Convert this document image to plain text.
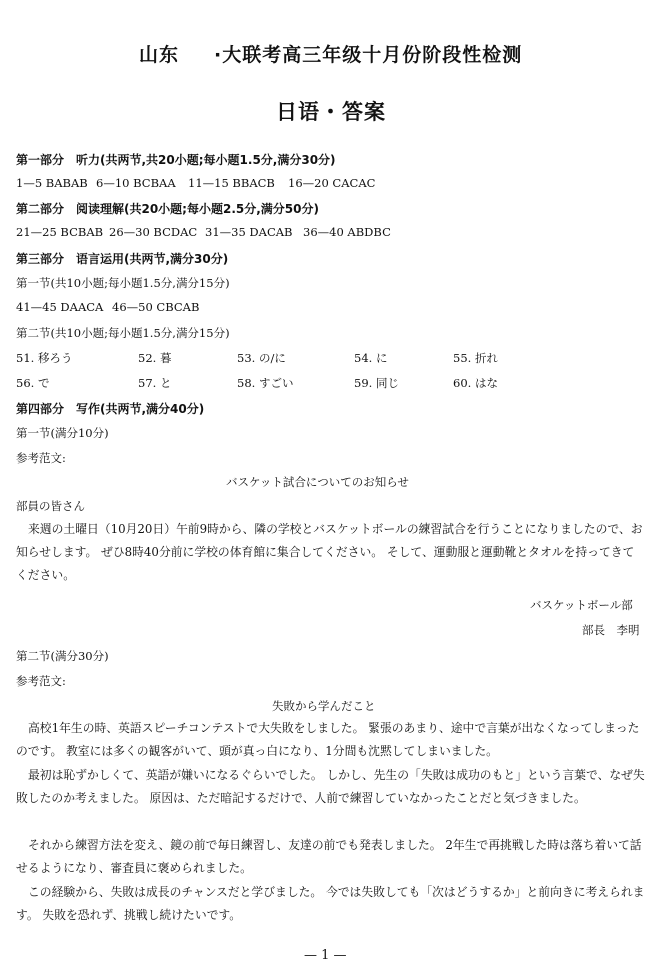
山东 ·大联考高三年级十月份阶段性检测
日语・答案
第一部分　听力(共两节,共20小题;每小题1.5分,满分30分)
1—5 BABAB 6—10 BCBAA 11—15 BBACB 16—20 CACAC
第二部分　阅读理解(共20小题;每小题2.5分,满分50分)
21—25 BCBAB 26—30 BCDAC 31—35 DACAB 36—40 ABDBC
第三部分　语言运用(共两节,满分30分)
第一节(共10小题;每小题1.5分,满分15分)
41—45 DAACA 46—50 CBCAB
第二节(共10小题;每小题1.5分,满分15分)
51. 移ろう	52. 暮	53. の/に	54. に	55. 折れ
56. で	57. と	58. すごい	59. 同じ	60. はな
第四部分　写作(共两节,满分40分)
第一节(满分10分)
参考范文:
バスケット試合についてのお知らせ
部員の皆さん
来週の土曜日（10月20日）午前9時から、隣の学校とバスケットボールの練習試合を行うことになりましたので、お知らせします。 ぜひ8時40分前に学校の体育館に集合してください。 そして、運動服と運動靴とタオルを持ってきてください。
バスケットボール部
部長　李明
第二节(满分30分)
参考范文:
失敗から学んだこと
高校1年生の時、英語スピーチコンテストで大失敗をしました。 緊張のあまり、途中で言葉が出なくなってしまったのです。 教室には多くの観客がいて、頭が真っ白になり、1分間も沈黙してしまいました。
最初は恥ずかしくて、英語が嫌いになるぐらいでした。 しかし、先生の「失敗は成功のもと」という言葉で、なぜ失敗したのか考えました。 原因は、ただ暗記するだけで、人前で練習していなかったことだと気づきました。
それから練習方法を変え、鏡の前で毎日練習し、友達の前でも発表しました。 2年生で再挑戦した時は落ち着いて話せるようになり、審査員に褒められました。
この経験から、失敗は成長のチャンスだと学びました。 今では失敗しても「次はどうするか」と前向きに考えられます。 失敗を恐れず、挑戦し続けたいです。
— 1 —
